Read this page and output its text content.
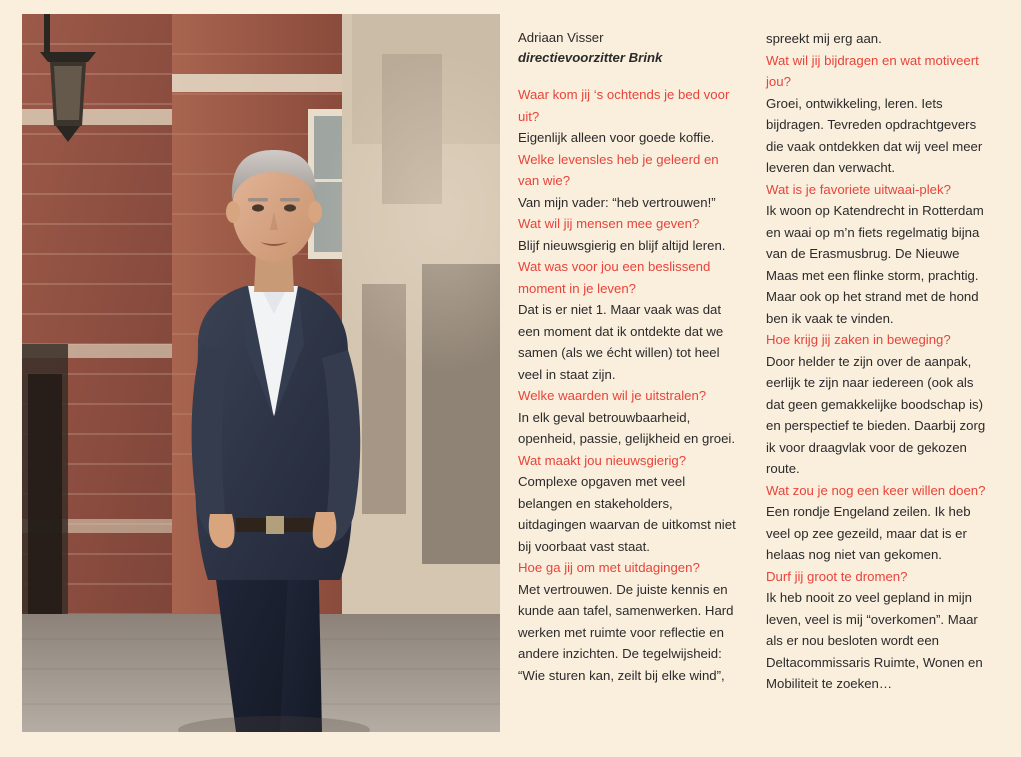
Adriaan Visser

directievoorzitter Brink

Waar kom jij ‘s ochtends je bed voor uit?

Eigenlijk alleen voor goede koffie.

Welke levensles heb je geleerd en van wie?

Van mijn vader: “heb vertrouwen!”

Wat wil jij mensen mee geven?

Blijf nieuwsgierig en blijf altijd leren.

Wat was voor jou een beslissend moment in je leven?

Dat is er niet 1. Maar vaak was dat een moment dat ik ontdekte dat we samen (als we écht willen) tot heel veel in staat zijn.

Welke waarden wil je uitstralen?

In elk geval betrouwbaarheid, openheid, passie, gelijkheid en groei.

Wat maakt jou nieuwsgierig?

Complexe opgaven met veel belangen en stakeholders, uitdagingen waarvan de uitkomst niet bij voorbaat vast staat.

Hoe ga jij om met uitdagingen?

Met vertrouwen. De juiste kennis en kunde aan tafel, samenwerken. Hard werken met ruimte voor reflectie en andere inzichten. De tegelwijsheid: “Wie sturen kan, zeilt bij elke wind”,

spreekt mij erg aan.

Wat wil jij bijdragen en wat motiveert jou?

Groei, ontwikkeling, leren. Iets bijdragen. Tevreden opdrachtgevers die vaak ontdekken dat wij veel meer leveren dan verwacht.

Wat is je favoriete uitwaai-plek?

Ik woon op Katendrecht in Rotterdam en waai op m’n fiets regelmatig bijna van de Erasmusbrug. De Nieuwe Maas met een flinke storm, prachtig. Maar ook op het strand met de hond ben ik vaak te vinden.

Hoe krijg jij zaken in beweging?

Door helder te zijn over de aanpak, eerlijk te zijn naar iedereen (ook als dat geen gemakkelijke boodschap is) en perspectief te bieden. Daarbij zorg ik voor draagvlak voor de gekozen route.

Wat zou je nog een keer willen doen?

Een rondje Engeland zeilen. Ik heb veel op zee gezeild, maar dat is er helaas nog niet van gekomen.

Durf jij groot te dromen?

Ik heb nooit zo veel gepland in mijn leven, veel is mij “overkomen”. Maar als er nou besloten wordt een Deltacommissaris Ruimte, Wonen en Mobiliteit te zoeken…
